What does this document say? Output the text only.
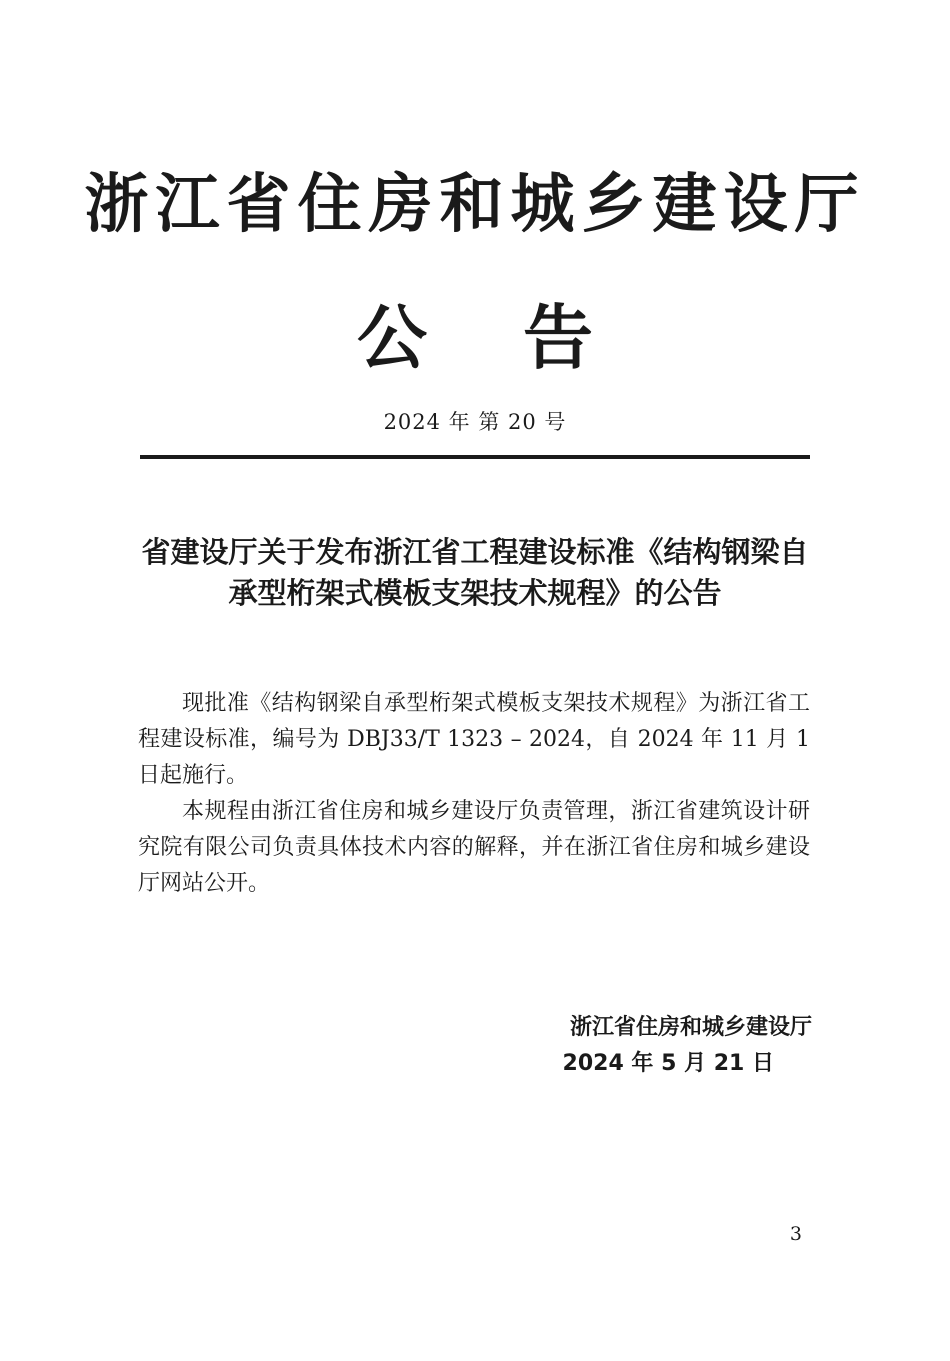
浙江省住房和城乡建设厅
公 告
2024 年 第 20 号
省建设厅关于发布浙江省工程建设标准《结构钢梁自承型桁架式模板支架技术规程》的公告

现批准《结构钢梁自承型桁架式模板支架技术规程》为浙江省工程建设标准，编号为 DBJ33/T 1323 – 2024，自 2024 年 11 月 1 日起施行。

本规程由浙江省住房和城乡建设厅负责管理，浙江省建筑设计研究院有限公司负责具体技术内容的解释，并在浙江省住房和城乡建设厅网站公开。

浙江省住房和城乡建设厅
2024 年 5 月 21 日
3
